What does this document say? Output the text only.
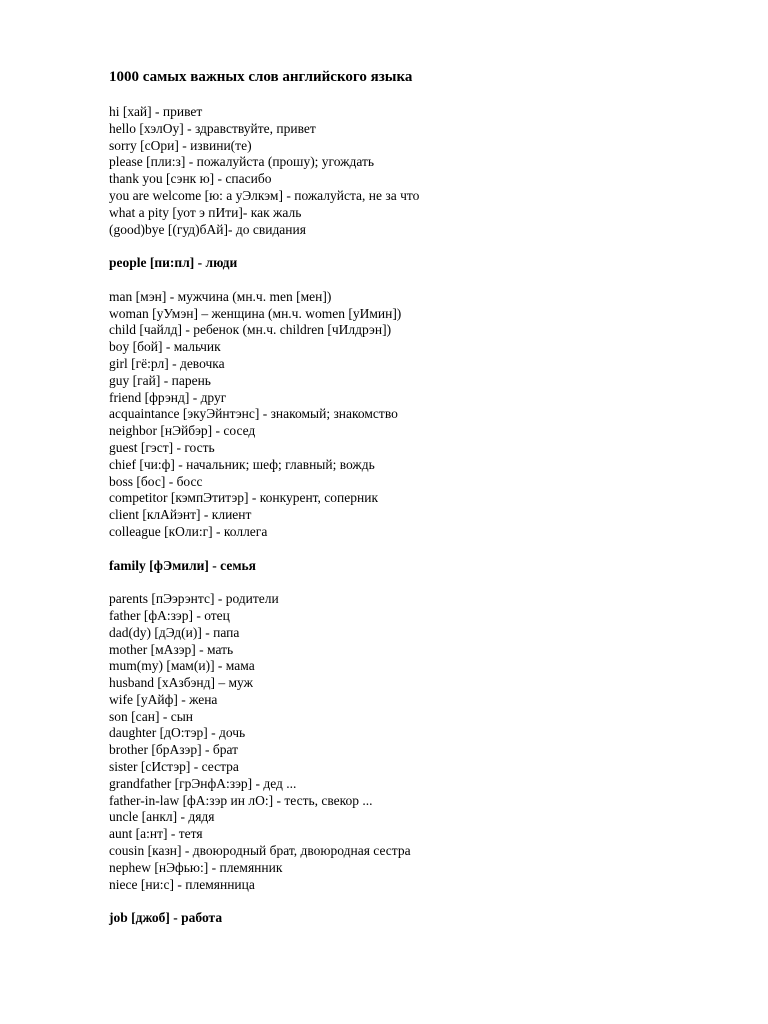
1000 самых важных слов английского языка
hi [хай] - привет
hello [хэлОу] - здравствуйте, привет
sorry [сОри] - извини(те)
please [пли:з] - пожалуйста (прошу); угождать
thank you [сэнк ю] - спасибо
you are welcome [ю: а уЭлкэм] - пожалуйста, не за что
what a pity [уот э пИти]- как жаль
(good)bye [(гуд)бАй]- до свидания
people [пи:пл] - люди
man [мэн] - мужчина (мн.ч. men [мен])
woman [уУмэн] – женщина (мн.ч. women [уИмин])
child [чайлд] - ребенок (мн.ч. children [чИлдрэн])
boy [бой] - мальчик
girl [гё:рл] - девочка
guy [гай] - парень
friend [фрэнд] - друг
acquaintance [экуЭйнтэнс] - знакомый; знакомство
neighbor [нЭйбэр] - сосед
guest [гэст] - гость
chief [чи:ф] - начальник; шеф; главный; вождь
boss [бос] - босс
competitor [кэмпЭтитэр] - конкурент, соперник
client [клАйэнт] - клиент
colleague [кОли:г] - коллега
family [фЭмили] - семья
parents [пЭэрэнтс] - родители
father [фА:зэр] - отец
dad(dy) [дЭд(и)] - папа
mother [мАзэр] - мать
mum(my) [мам(и)] - мама
husband [хАзбэнд] – муж
wife [уАйф] - жена
son [сан] - сын
daughter [дО:тэр] - дочь
brother [брАзэр] - брат
sister [сИстэр] - сестра
grandfather [грЭнфА:зэр] - дед ...
father-in-law [фА:зэр ин лО:] - тесть, свекор ...
uncle [анкл] - дядя
aunt [а:нт] - тетя
cousin [казн] - двоюродный брат, двоюродная сестра
nephew [нЭфью:] - племянник
niece [ни:с] - племянница
job [джоб] - работа
